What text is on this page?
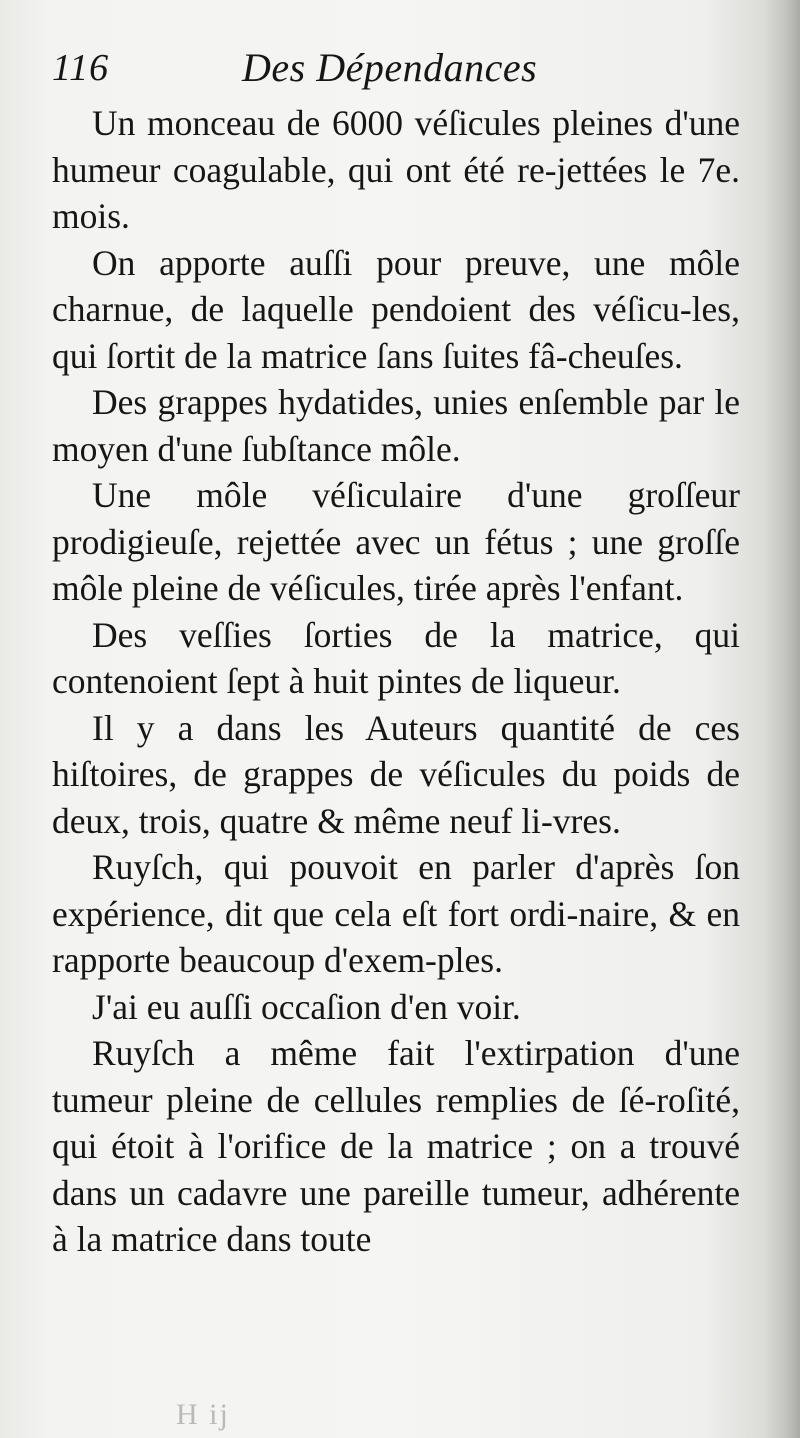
116	Des Dépendances

Un monceau de 6000 véſicules pleines d'une humeur coagulable, qui ont été re-jettées le 7e. mois.

On apporte auſſi pour preuve, une môle charnue, de laquelle pendoient des véſicu-les, qui ſortit de la matrice ſans ſuites fâ-cheuſes.

Des grappes hydatides, unies enſemble par le moyen d'une ſubſtance môle.

Une môle véſiculaire d'une groſſeur prodigieuſe, rejettée avec un fétus ; une groſſe môle pleine de véſicules, tirée après l'enfant.

Des veſſies ſorties de la matrice, qui contenoient ſept à huit pintes de liqueur.

Il y a dans les Auteurs quantité de ces hiſtoires, de grappes de véſicules du poids de deux, trois, quatre & même neuf li-vres.

Ruyſch, qui pouvoit en parler d'après ſon expérience, dit que cela eſt fort ordi-naire, & en rapporte beaucoup d'exem-ples.

J'ai eu auſſi occaſion d'en voir.

Ruyſch a même fait l'extirpation d'une tumeur pleine de cellules remplies de ſé-roſité, qui étoit à l'orifice de la matrice ; on a trouvé dans un cadavre une pareille tumeur, adhérente à la matrice dans toute

H ij
